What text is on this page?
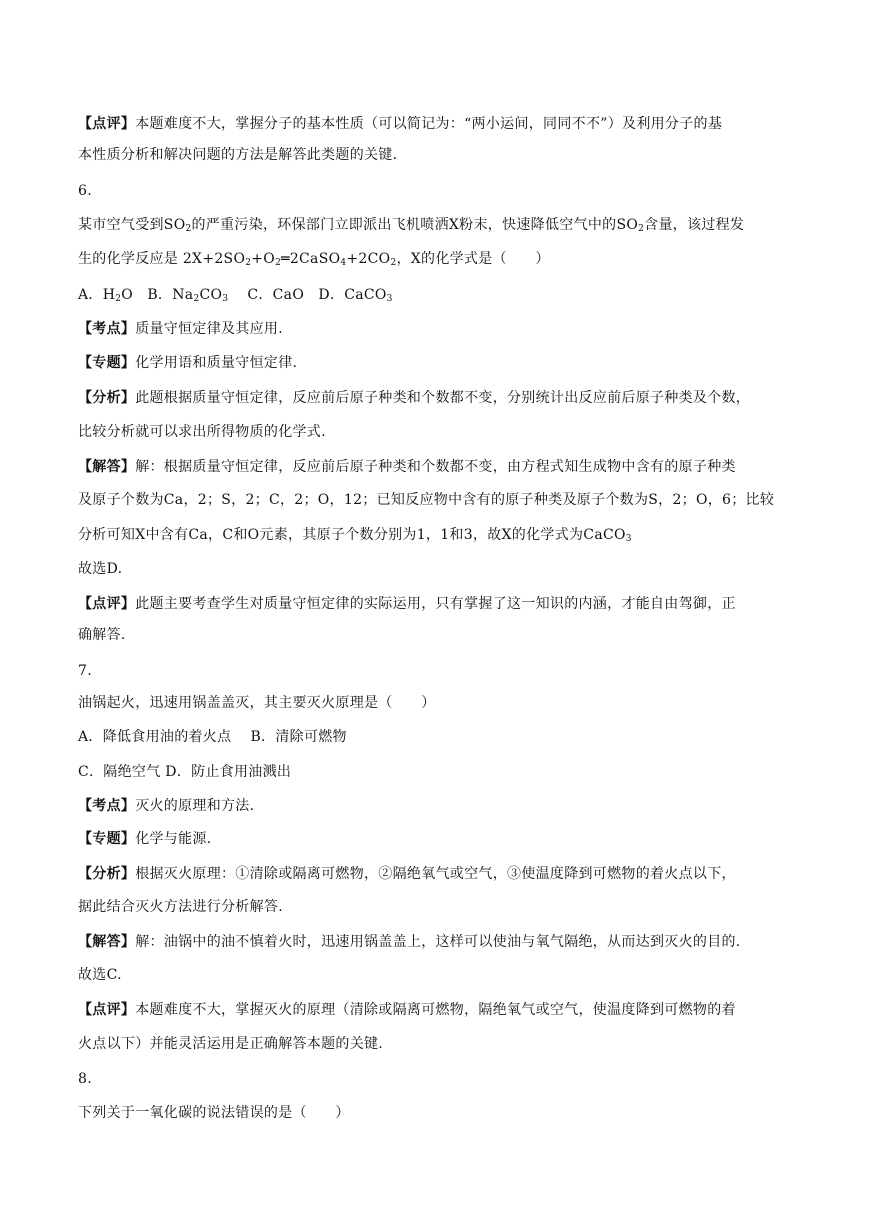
【点评】本题难度不大，掌握分子的基本性质（可以简记为：“两小运间，同同不不”）及利用分子的基
本性质分析和解决问题的方法是解答此类题的关键.
6.
某市空气受到$SO_2$的严重污染，环保部门立即派出飞机喷洒X粉末，快速降低空气中的$SO_2$含量，该过程发
生的化学反应是 $2X+2SO_2+O_2═2CaSO_4+2CO_2$，X的化学式是（　　）
A．$H_2O$　B．$Na_2CO_3$　 C．CaO　D．CaCO$_3$
【考点】质量守恒定律及其应用.
【专题】化学用语和质量守恒定律.
【分析】此题根据质量守恒定律，反应前后原子种类和个数都不变，分别统计出反应前后原子种类及个数，
比较分析就可以求出所得物质的化学式.
【解答】解：根据质量守恒定律，反应前后原子种类和个数都不变，由方程式知生成物中含有的原子种类
及原子个数为Ca，2；S，2；C，2；O，12；已知反应物中含有的原子种类及原子个数为S，2；O，6；比较
分析可知X中含有Ca，C和O元素，其原子个数分别为1，1和3，故X的化学式为CaCO$_3$
故选D.
【点评】此题主要考查学生对质量守恒定律的实际运用，只有掌握了这一知识的内涵，才能自由驾御，正
确解答.
7.
油锅起火，迅速用锅盖盖灭，其主要灭火原理是（　　）
A．降低食用油的着火点　 B．清除可燃物
C．隔绝空气 D．防止食用油溅出
【考点】灭火的原理和方法.
【专题】化学与能源.
【分析】根据灭火原理：①清除或隔离可燃物，②隔绝氧气或空气，③使温度降到可燃物的着火点以下，
据此结合灭火方法进行分析解答.
【解答】解：油锅中的油不慎着火时，迅速用锅盖盖上，这样可以使油与氧气隔绝，从而达到灭火的目的.
故选C.
【点评】本题难度不大，掌握灭火的原理（清除或隔离可燃物，隔绝氧气或空气，使温度降到可燃物的着
火点以下）并能灵活运用是正确解答本题的关键.
8.
下列关于一氧化碳的说法错误的是（　　）
